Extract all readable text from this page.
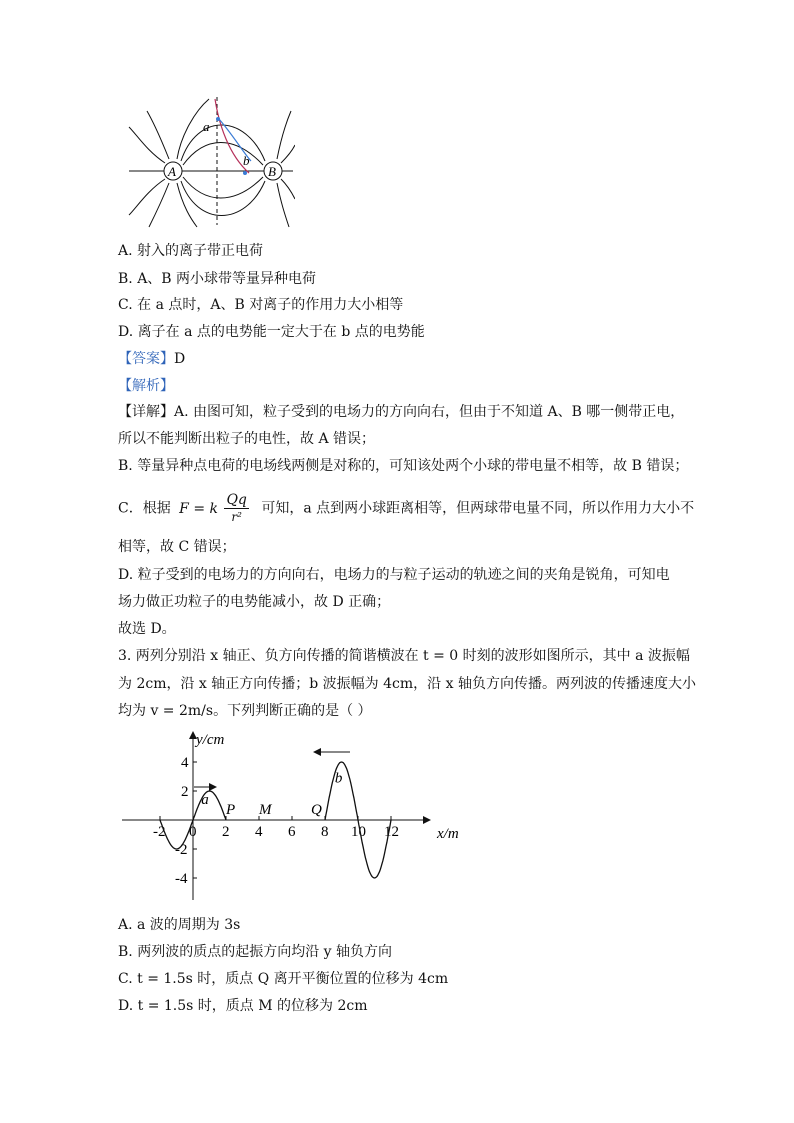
A	B
a
b
A. 射入的离子带正电荷
B. A、B 两小球带等量异种电荷
C. 在 a 点时，A、B 对离子的作用力大小相等
D. 离子在 a 点的电势能一定大于在 b 点的电势能
【答案】D
【解析】
【详解】A. 由图可知，粒子受到的电场力的方向向右，但由于不知道 A、B 哪一侧带正电，
所以不能判断出粒子的电性，故 A 错误；
B. 等量异种点电荷的电场线两侧是对称的，可知该处两个小球的带电量不相等，故 B 错误；
C．根据 F = k $\frac{Qq}{\text{r²}}$ 可知，a 点到两小球距离相等，但两球带电量不同，所以作用力大小不
相等，故 C 错误；
D. 粒子受到的电场力的方向向右，电场力的与粒子运动的轨迹之间的夹角是锐角，可知电
场力做正功粒子的电势能减小，故 D 正确；
故选 D。
3. 两列分别沿 x 轴正、负方向传播的简谐横波在 t = 0 时刻的波形如图所示，其中 a 波振幅
为 2cm，沿 x 轴正方向传播；b 波振幅为 4cm，沿 x 轴负方向传播。两列波的传播速度大小
均为 v = 2m/s。下列判断正确的是（ ）
y/cm
x/m
-2 0 2 4 6 8 10 12
4
2
-2
-4
P M	Q
a
b
A. a 波的周期为 3s
B. 两列波的质点的起振方向均沿 y 轴负方向
C. t = 1.5s 时，质点 Q 离开平衡位置的位移为 4cm
D. t = 1.5s 时，质点 M 的位移为 2cm
